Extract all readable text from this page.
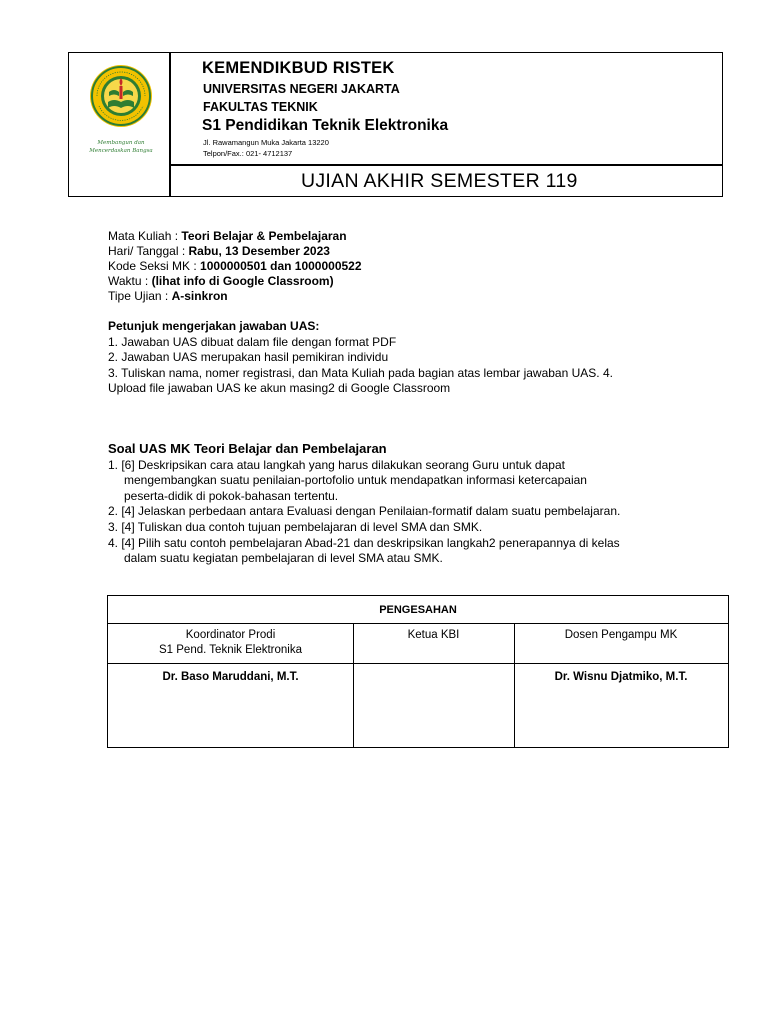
Membangun dan
Mencerdaskan Bangsa
KEMENDIKBUD RISTEK
UNIVERSITAS NEGERI JAKARTA
FAKULTAS TEKNIK
S1 Pendidikan Teknik Elektronika
Jl. Rawamangun Muka Jakarta 13220
Telpon/Fax.: 021- 4712137
UJIAN AKHIR SEMESTER 119
Mata Kuliah : Teori Belajar & Pembelajaran
Hari/ Tanggal : Rabu, 13 Desember 2023
Kode Seksi MK : 1000000501 dan 1000000522
Waktu : (lihat info di Google Classroom)
Tipe Ujian : A-sinkron
Petunjuk mengerjakan jawaban UAS:
1. Jawaban UAS dibuat dalam file dengan format PDF
2. Jawaban UAS merupakan hasil pemikiran individu
3. Tuliskan nama, nomer registrasi, dan Mata Kuliah pada bagian atas lembar jawaban UAS. 4.
Upload file jawaban UAS ke akun masing2 di Google Classroom
Soal UAS MK Teori Belajar dan Pembelajaran
1. [6] Deskripsikan cara atau langkah yang harus dilakukan seorang Guru untuk dapat
mengembangkan suatu penilaian-portofolio untuk mendapatkan informasi ketercapaian
peserta-didik di pokok-bahasan tertentu.
2. [4] Jelaskan perbedaan antara Evaluasi dengan Penilaian-formatif dalam suatu pembelajaran.
3. [4] Tuliskan dua contoh tujuan pembelajaran di level SMA dan SMK.
4. [4] Pilih satu contoh pembelajaran Abad-21 dan deskripsikan langkah2 penerapannya di kelas
dalam suatu kegiatan pembelajaran di level SMA atau SMK.
PENGESAHAN
Koordinator Prodi
S1 Pend. Teknik Elektronika
Ketua KBI	Dosen Pengampu MK
Dr. Baso Maruddani, M.T.	Dr. Wisnu Djatmiko, M.T.
